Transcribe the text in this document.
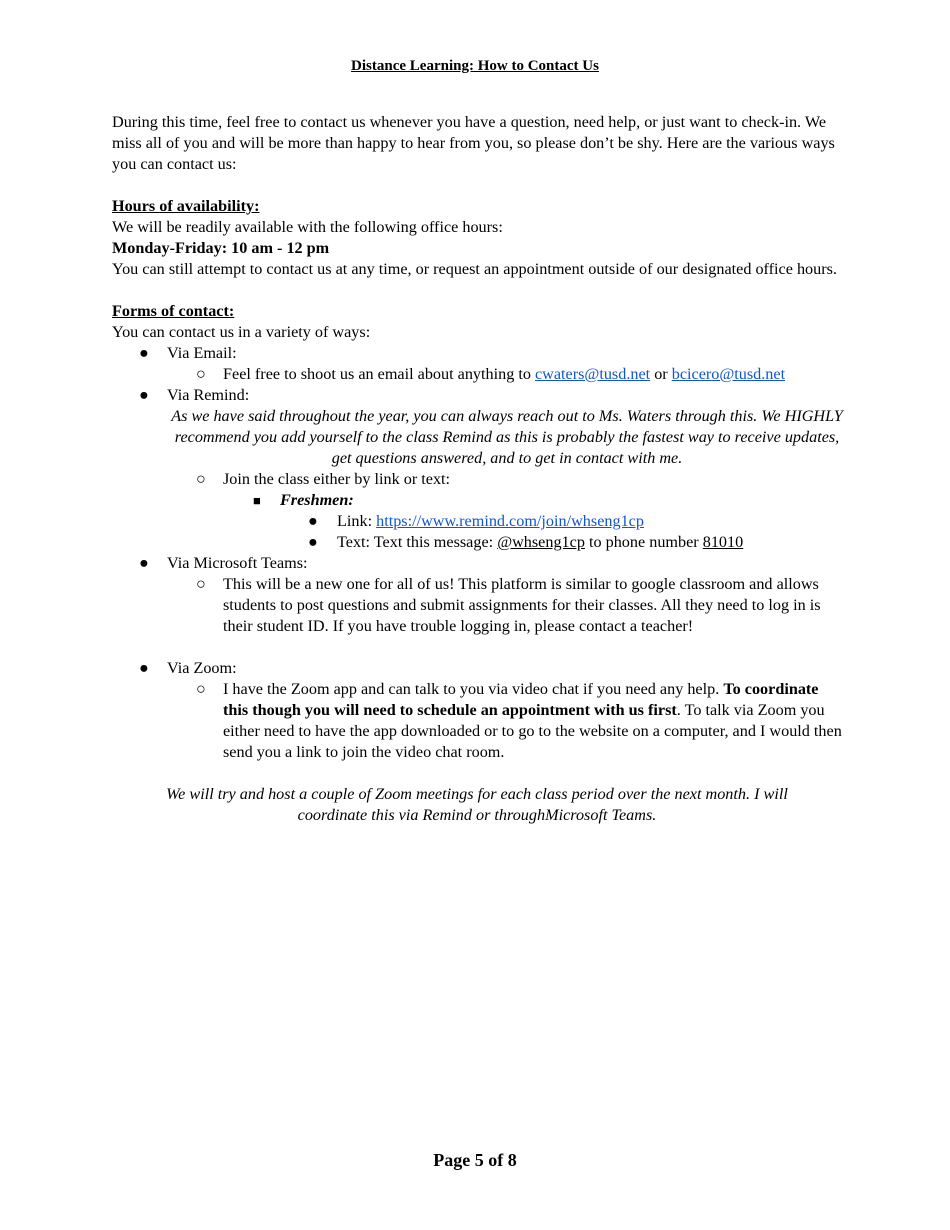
Distance Learning: How to Contact Us

During this time, feel free to contact us whenever you have a question, need help, or just want to check-in. We miss all of you and will be more than happy to hear from you, so please don’t be shy. Here are the various ways you can contact us:

Hours of availability:
We will be readily available with the following office hours:
Monday-Friday: 10 am - 12 pm
You can still attempt to contact us at any time, or request an appointment outside of our designated office hours.
Forms of contact:
You can contact us in a variety of ways:
● Via Email:
○ Feel free to shoot us an email about anything to cwaters@tusd.net or bcicero@tusd.net
● Via Remind:

As we have said throughout the year, you can always reach out to Ms. Waters through this. We HIGHLY recommend you add yourself to the class Remind as this is probably the fastest way to receive updates, get questions answered, and to get in contact with me.

○ Join the class either by link or text:
■ Freshmen:
● Link: https://www.remind.com/join/whseng1cp
● Text: Text this message: @whseng1cp to phone number 81010
● Via Microsoft Teams:
○ This will be a new one for all of us! This platform is similar to google classroom and allows students to post questions and submit assignments for their classes. All they need to log in is their student ID. If you have trouble logging in, please contact a teacher!
● Via Zoom:
○ I have the Zoom app and can talk to you via video chat if you need any help. To coordinate this though you will need to schedule an appointment with us first. To talk via Zoom you either need to have the app downloaded or to go to the website on a computer, and I would then send you a link to join the video chat room.

We will try and host a couple of Zoom meetings for each class period over the next month. I will coordinate this via Remind or throughMicrosoft Teams.

Page 5 of 8
